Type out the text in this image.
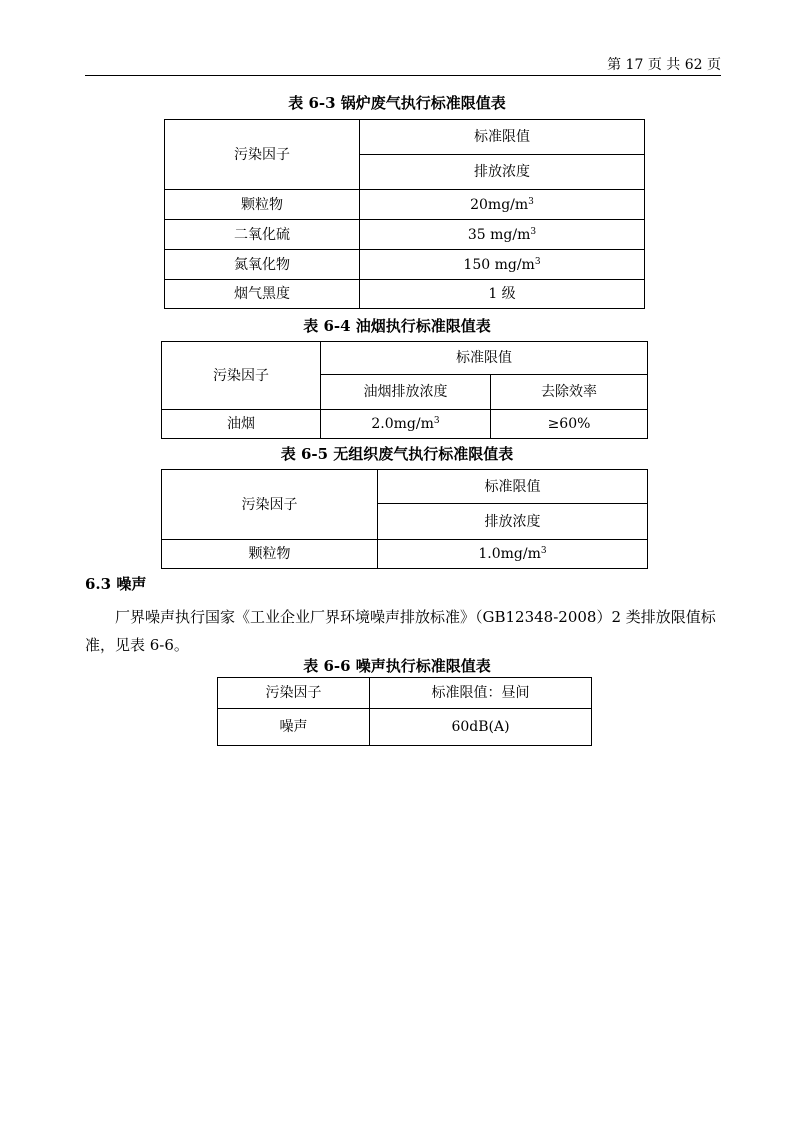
第 17 页 共 62 页
表 6-3 锅炉废气执行标准限值表
污染因子	标准限值
	排放浓度
颗粒物	$20mg/m^3$
二氧化硫	35 $mg/m^3$
氮氧化物	150 $mg/m^3$
烟气黑度	1 级
表 6-4 油烟执行标准限值表
污染因子	标准限值	
	油烟排放浓度	去除效率
油烟	$2.0mg/m^3$	≥60%
表 6-5 无组织废气执行标准限值表
污染因子	标准限值
	排放浓度
颗粒物	$1.0mg/m^3$
6.3 噪声
厂界噪声执行国家《工业企业厂界环境噪声排放标准》（GB12348-2008）2 类排放限值标准，见表 6-6。
表 6-6 噪声执行标准限值表
污染因子	标准限值：昼间
噪声	60dB(A)
